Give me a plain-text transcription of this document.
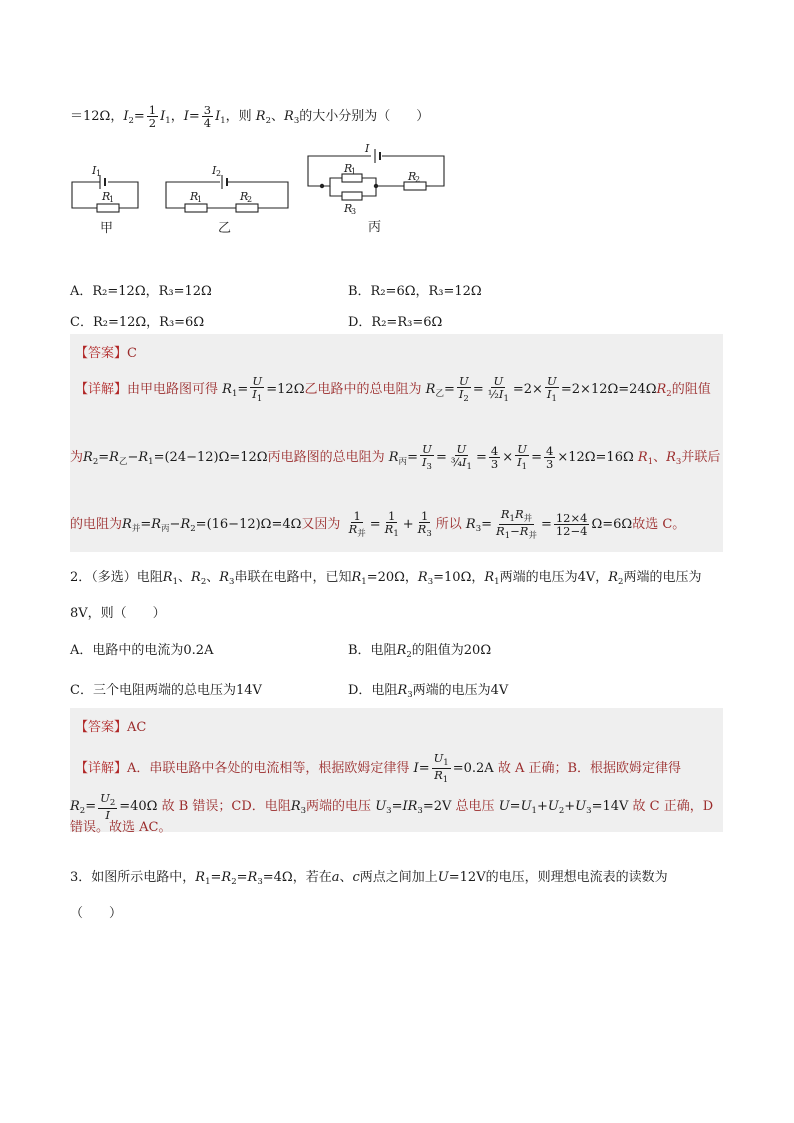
＝12Ω，$I_2= \frac{1}{2} I_1$，$I= \frac{3}{4} I_1$，则 $R_2$、$R_3$的大小分别为（　　）
I 1
R
1
I 2
R
1	R
2
I
R
1
R
3
R
2
甲	乙	丙
A．R₂=12Ω，R₃=12Ω	B．R₂=6Ω，R₃=12Ω
C．R₂=12Ω，R₃=6Ω	D．R₂=R₃=6Ω
【答案】C
【详解】由甲电路图可得 $R_1= \frac{U}{I_1} =12\Omega$乙电路中的总电阻为 $R_乙= \frac{U}{I_2} = \frac{U}{\frac{1}{2}I_1} =2\times \frac{U}{I_1} =2\times 12\Omega=24\Omega R_2$的阻值
为$R_2=R_乙-R_1=(24-12)\Omega=12\Omega$丙电路图的总电阻为 $R_丙= \frac{U}{I_3} = \frac{U}{\frac{3}{4}I_1} = \frac{4}{3} \times \frac{U}{I_1} = \frac{4}{3} \times 12\Omega=16\Omega$ $R_1$、$R_3$并联后
的电阻为$R_并=R_丙-R_2=(16-12)\Omega=4\Omega$又因为 $\frac{1}{R_并} = \frac{1}{R_1} + \frac{1}{R_3}$ 所以 $R_3= \frac{R_1R_并}{R_1-R_并} = \frac{12\times 4}{12-4} \Omega=6\Omega$故选 C。
2．（多选）电阻$R_1$、$R_2$、$R_3$串联在电路中，已知$R_1=20\Omega$，$R_3=10\Omega$，$R_1$两端的电压为4V，$R_2$两端的电压为
8V，则（　　）
A．电路中的电流为0.2A	B．电阻$R_2$的阻值为20Ω
C．三个电阻两端的总电压为14V	D．电阻$R_3$两端的电压为4V
【答案】AC
【详解】A．串联电路中各处的电流相等，根据欧姆定律得 $I= \frac{U_1}{R_1} =0.2A$ 故 A 正确；B．根据欧姆定律得
$R_2= \frac{U_2}{I} =40\Omega$ 故 B 错误；CD．电阻$R_3$两端的电压 $U_3=IR_3=2V$ 总电压 $U=U_1+U_2+U_3=14V$ 故 C 正确，D
错误。故选 AC。
3．如图所示电路中，$R_1=R_2=R_3=4\Omega$，若在a、c两点之间加上U=12V的电压，则理想电流表的读数为
（　　）
